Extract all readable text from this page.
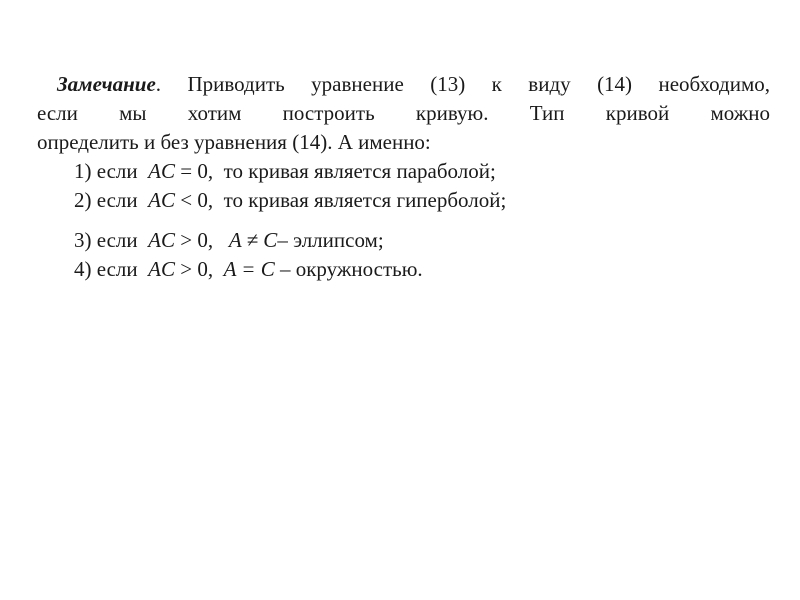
Замечание. Приводить уравнение (13) к виду (14) необходимо,
если мы хотим построить кривую. Тип кривой можно
определить и без уравнения (14). А именно:
1) если  AC = 0,  то кривая является параболой;
2) если  AC < 0,  то кривая является гиперболой;
3) если  AC > 0,   A ≠ C– эллипсом;
4) если  AC > 0,  A = C – окружностью.
